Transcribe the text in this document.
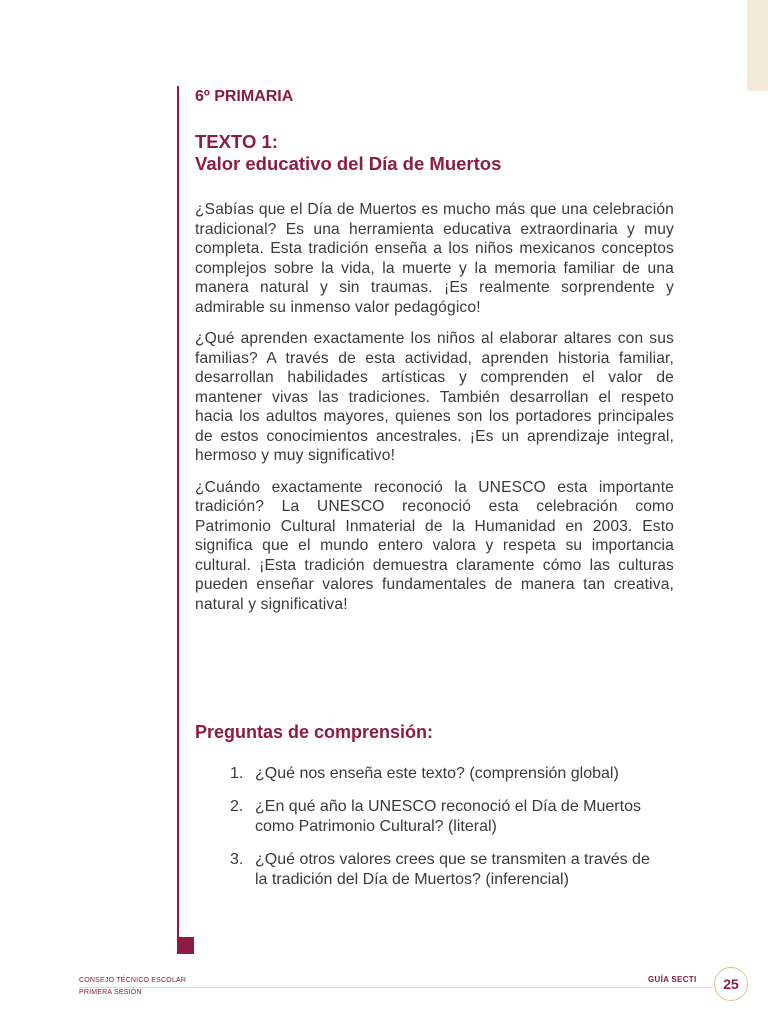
6º PRIMARIA
TEXTO 1:
Valor educativo del Día de Muertos

¿Sabías que el Día de Muertos es mucho más que una celebración tradicional? Es una herramienta educativa extraordinaria y muy completa. Esta tradición enseña a los niños mexicanos conceptos complejos sobre la vida, la muerte y la memoria familiar de una manera natural y sin traumas. ¡Es realmente sorprendente y admirable su inmenso valor pedagógico!

¿Qué aprenden exactamente los niños al elaborar altares con sus familias? A través de esta actividad, aprenden historia familiar, desarrollan habilidades artísticas y comprenden el valor de mantener vivas las tradiciones. También desarrollan el respeto hacia los adultos mayores, quienes son los portadores principales de estos conocimientos ancestrales. ¡Es un aprendizaje integral, hermoso y muy significativo!

¿Cuándo exactamente reconoció la UNESCO esta importante tradición? La UNESCO reconoció esta celebración como Patrimonio Cultural Inmaterial de la Humanidad en 2003. Esto significa que el mundo entero valora y respeta su importancia cultural. ¡Esta tradición demuestra claramente cómo las culturas pueden enseñar valores fundamentales de manera tan creativa, natural y significativa!

Preguntas de comprensión:
1. ¿Qué nos enseña este texto? (comprensión global)
2. ¿En qué año la UNESCO reconoció el Día de Muertos como Patrimonio Cultural? (literal)
3. ¿Qué otros valores crees que se transmiten a través de la tradición del Día de Muertos? (inferencial)
CONSEJO TÉCNICO ESCOLAR
PRIMERA SESIÓN
GUÍA SECTI	25
